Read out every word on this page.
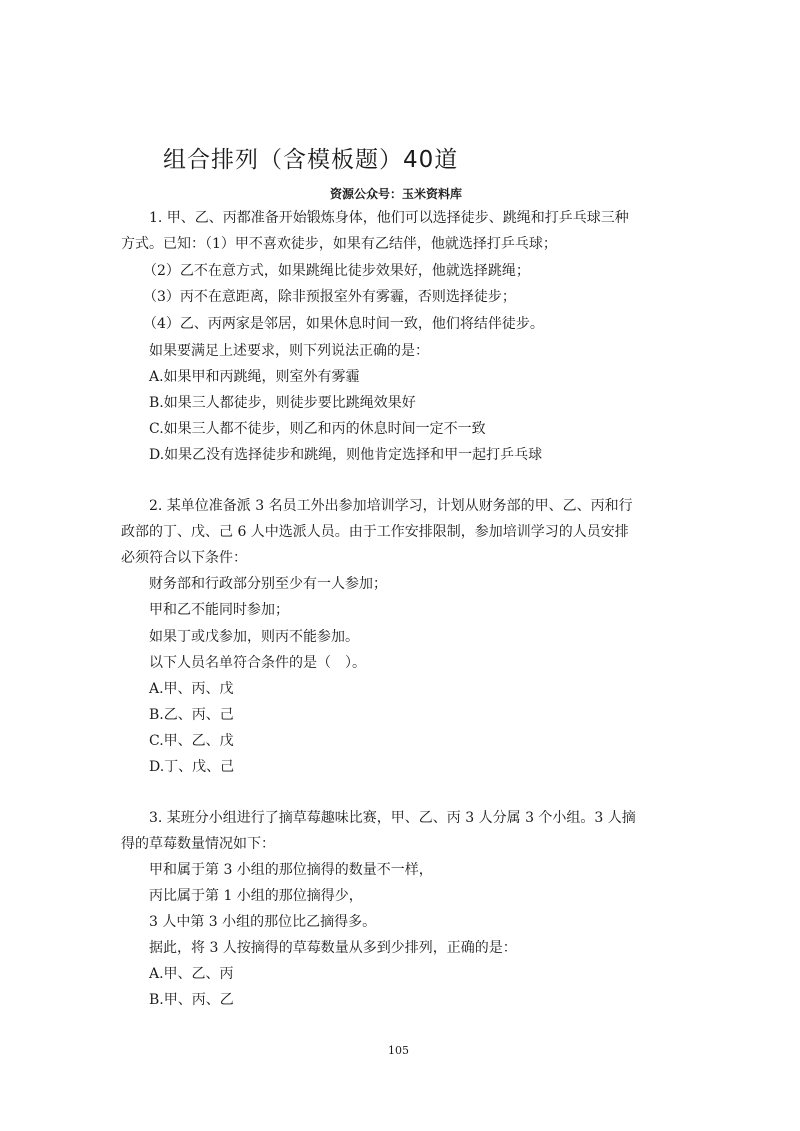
组合排列（含模板题）40道
资源公众号：玉米资料库
1. 甲、乙、丙都准备开始锻炼身体，他们可以选择徒步、跳绳和打乒乓球三种
方式。已知：（1）甲不喜欢徒步，如果有乙结伴，他就选择打乒乓球；
（2）乙不在意方式，如果跳绳比徒步效果好，他就选择跳绳；
（3）丙不在意距离，除非预报室外有雾霾，否则选择徒步；
（4）乙、丙两家是邻居，如果休息时间一致，他们将结伴徒步。
如果要满足上述要求，则下列说法正确的是：
A.如果甲和丙跳绳，则室外有雾霾
B.如果三人都徒步，则徒步要比跳绳效果好
C.如果三人都不徒步，则乙和丙的休息时间一定不一致
D.如果乙没有选择徒步和跳绳，则他肯定选择和甲一起打乒乓球
2. 某单位准备派 3 名员工外出参加培训学习，计划从财务部的甲、乙、丙和行
政部的丁、戊、己 6 人中选派人员。由于工作安排限制，参加培训学习的人员安排
必须符合以下条件：
财务部和行政部分别至少有一人参加；
甲和乙不能同时参加；
如果丁或戊参加，则丙不能参加。
以下人员名单符合条件的是（　）。
A.甲、丙、戊
B.乙、丙、己
C.甲、乙、戊
D.丁、戊、己
3. 某班分小组进行了摘草莓趣味比赛，甲、乙、丙 3 人分属 3 个小组。3 人摘
得的草莓数量情况如下：
甲和属于第 3 小组的那位摘得的数量不一样，
丙比属于第 1 小组的那位摘得少，
3 人中第 3 小组的那位比乙摘得多。
据此，将 3 人按摘得的草莓数量从多到少排列，正确的是：
A.甲、乙、丙
B.甲、丙、乙
105
